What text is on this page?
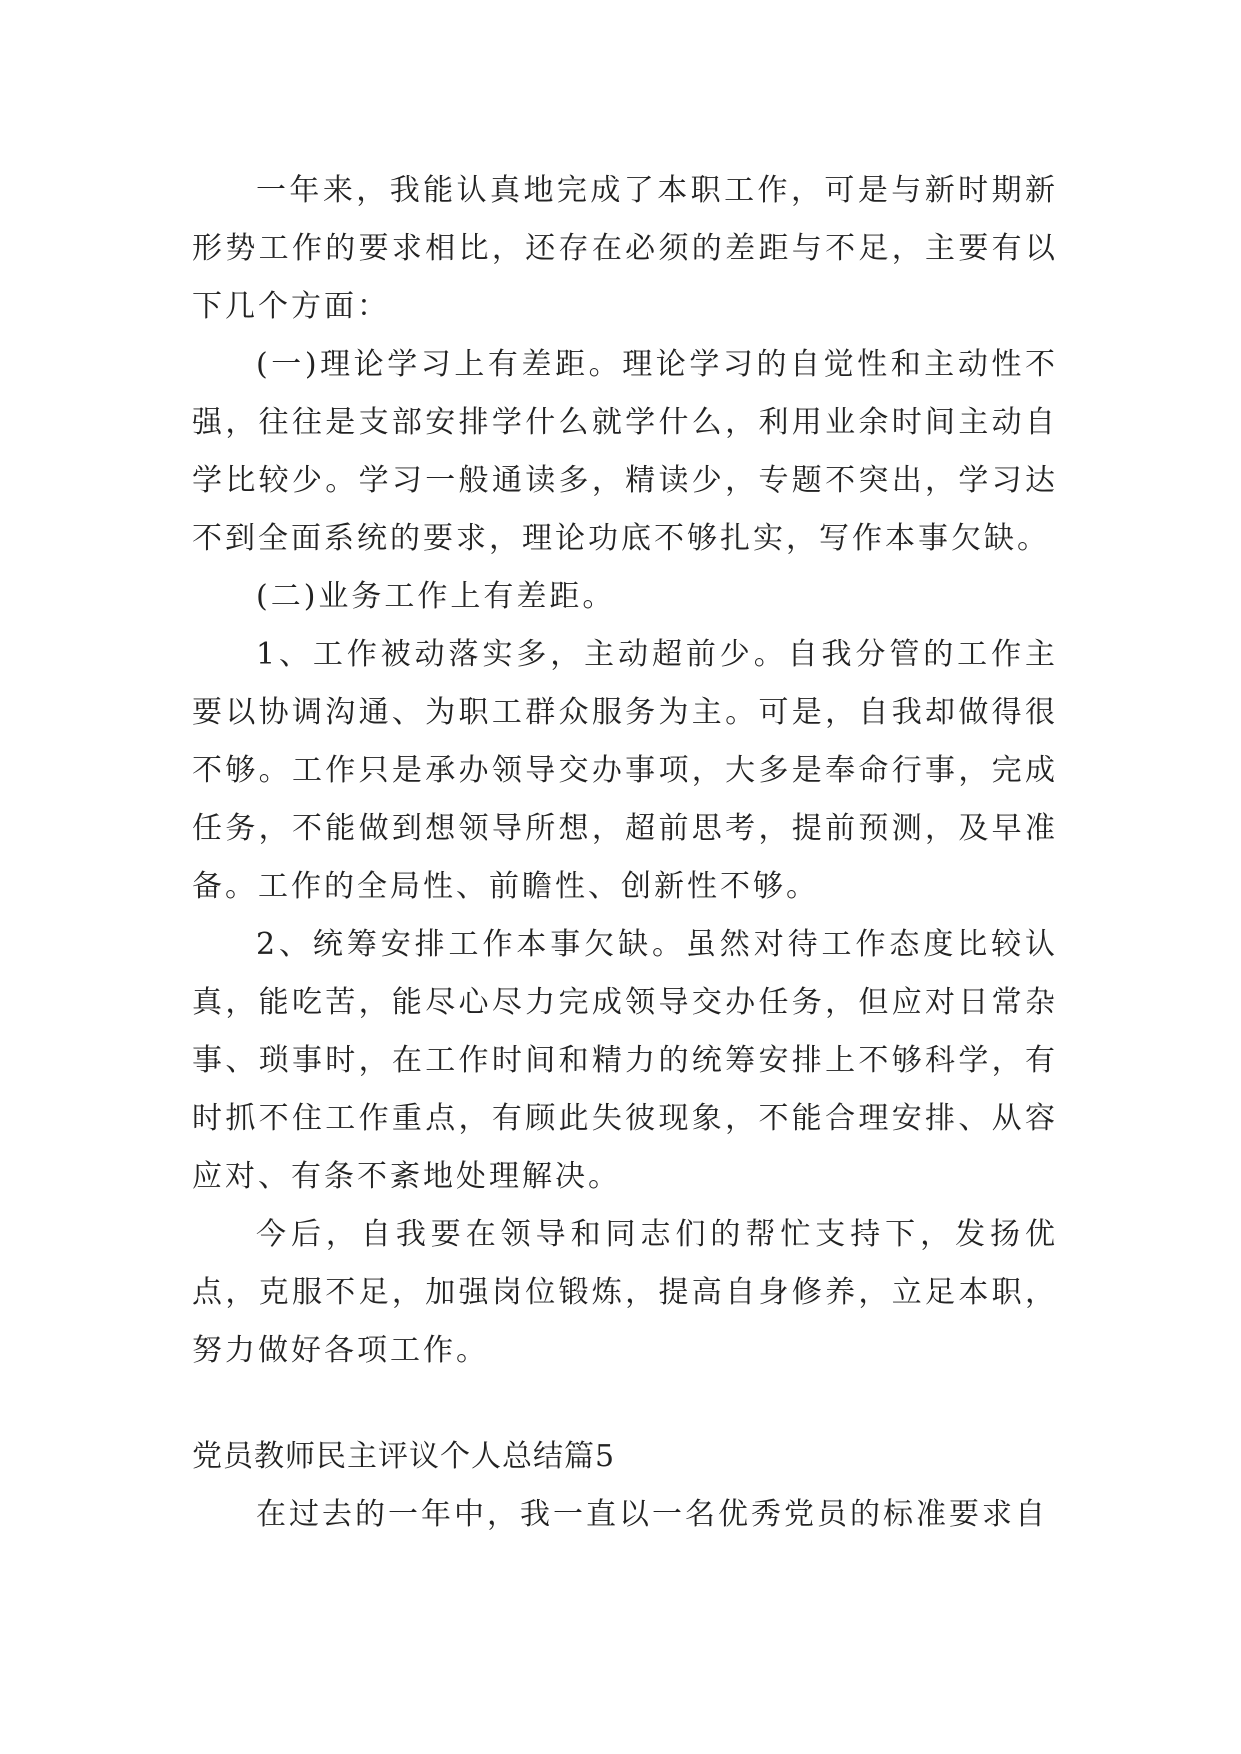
一年来，我能认真地完成了本职工作，可是与新时期新形势工作的要求相比，还存在必须的差距与不足，主要有以下几个方面：

(一)理论学习上有差距。理论学习的自觉性和主动性不强，往往是支部安排学什么就学什么，利用业余时间主动自学比较少。学习一般通读多，精读少，专题不突出，学习达不到全面系统的要求，理论功底不够扎实，写作本事欠缺。

(二)业务工作上有差距。

1、工作被动落实多，主动超前少。自我分管的工作主要以协调沟通、为职工群众服务为主。可是，自我却做得很不够。工作只是承办领导交办事项，大多是奉命行事，完成任务，不能做到想领导所想，超前思考，提前预测，及早准备。工作的全局性、前瞻性、创新性不够。

2、统筹安排工作本事欠缺。虽然对待工作态度比较认真，能吃苦，能尽心尽力完成领导交办任务，但应对日常杂事、琐事时，在工作时间和精力的统筹安排上不够科学，有时抓不住工作重点，有顾此失彼现象，不能合理安排、从容应对、有条不紊地处理解决。

今后，自我要在领导和同志们的帮忙支持下，发扬优点，克服不足，加强岗位锻炼，提高自身修养，立足本职，努力做好各项工作。

党员教师民主评议个人总结篇5

在过去的一年中，我一直以一名优秀党员的标准要求自
